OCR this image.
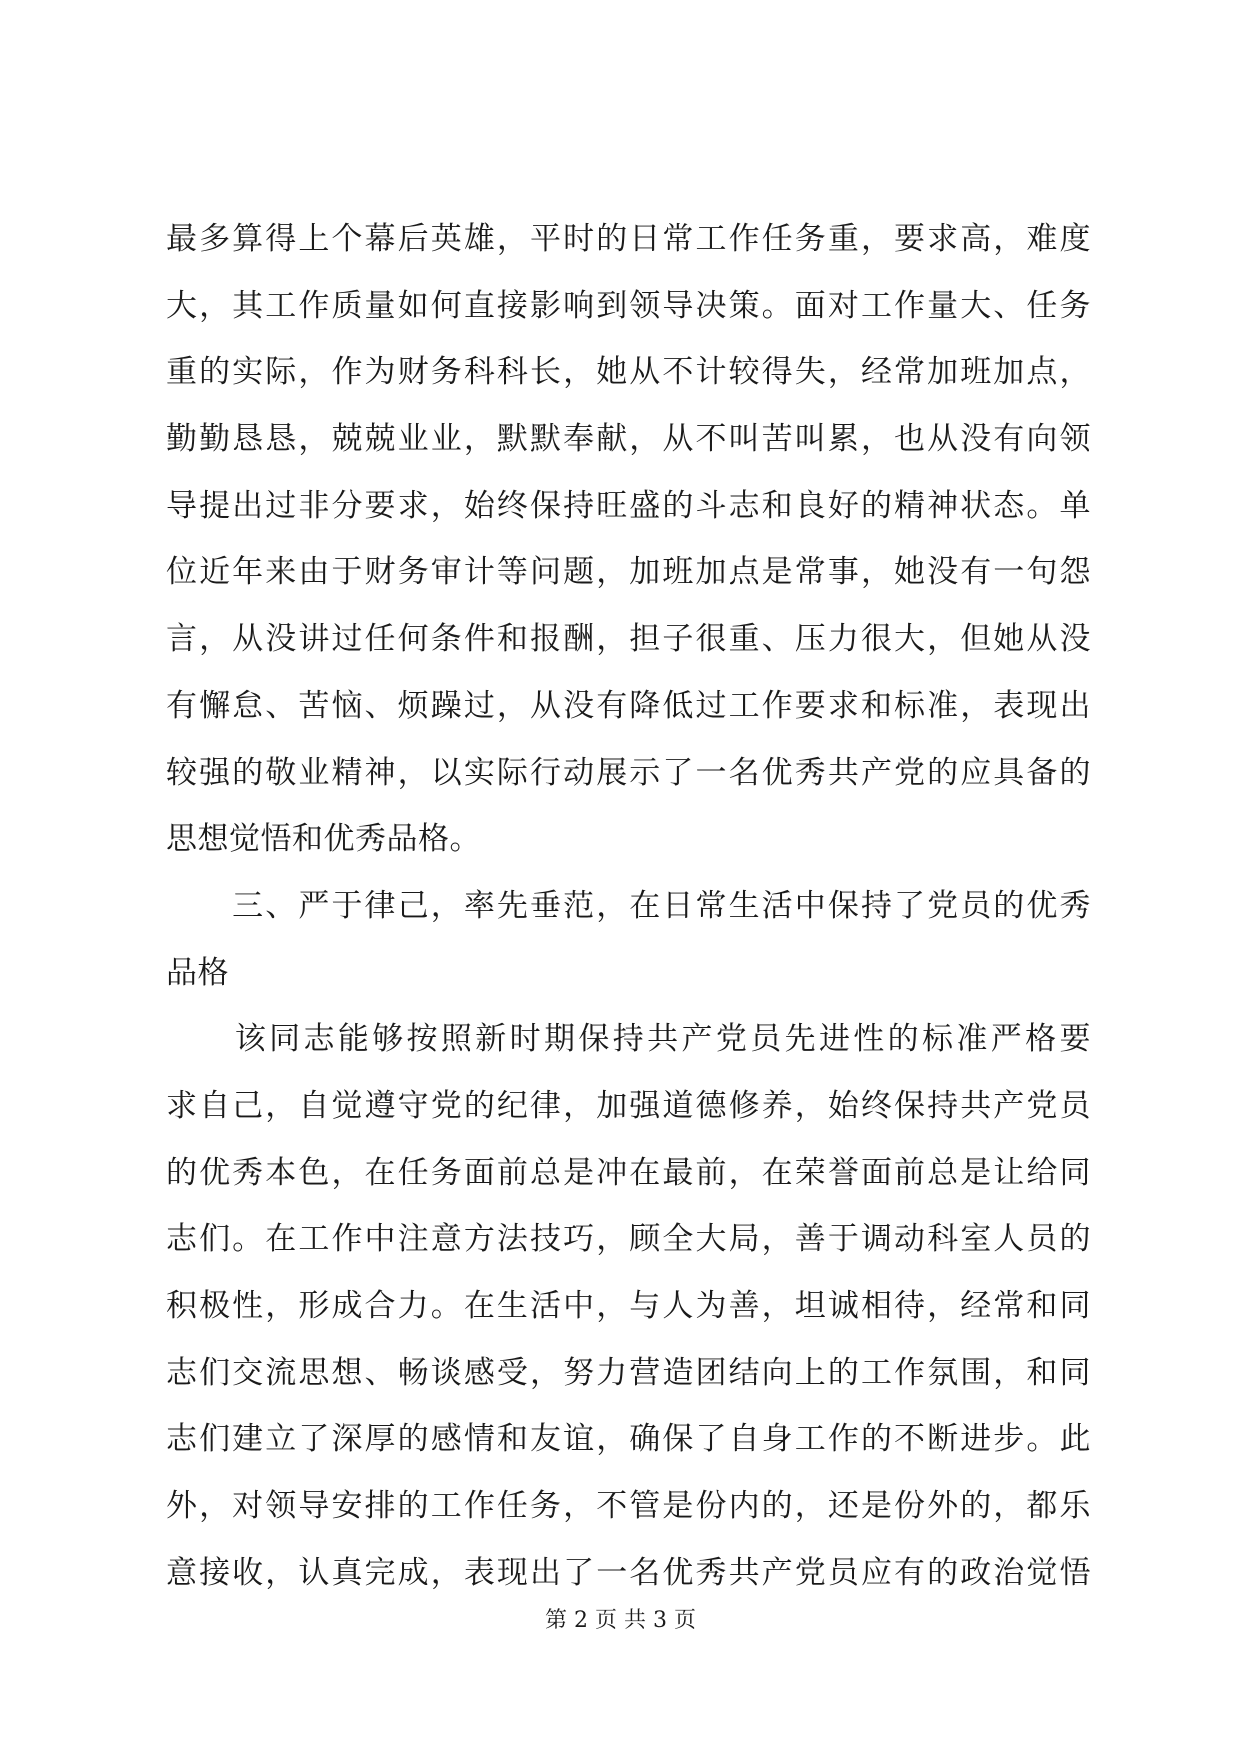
最多算得上个幕后英雄，平时的日常工作任务重，要求高，难度
大，其工作质量如何直接影响到领导决策。面对工作量大、任务
重的实际，作为财务科科长，她从不计较得失，经常加班加点，
勤勤恳恳，兢兢业业，默默奉献，从不叫苦叫累，也从没有向领
导提出过非分要求，始终保持旺盛的斗志和良好的精神状态。单
位近年来由于财务审计等问题，加班加点是常事，她没有一句怨
言，从没讲过任何条件和报酬，担子很重、压力很大，但她从没
有懈怠、苦恼、烦躁过，从没有降低过工作要求和标准，表现出
较强的敬业精神，以实际行动展示了一名优秀共产党的应具备的
思想觉悟和优秀品格。
　　三、严于律己，率先垂范，在日常生活中保持了党员的优秀
品格
　　该同志能够按照新时期保持共产党员先进性的标准严格要
求自己，自觉遵守党的纪律，加强道德修养，始终保持共产党员
的优秀本色，在任务面前总是冲在最前，在荣誉面前总是让给同
志们。在工作中注意方法技巧，顾全大局，善于调动科室人员的
积极性，形成合力。在生活中，与人为善，坦诚相待，经常和同
志们交流思想、畅谈感受，努力营造团结向上的工作氛围，和同
志们建立了深厚的感情和友谊，确保了自身工作的不断进步。此
外，对领导安排的工作任务，不管是份内的，还是份外的，都乐
意接收，认真完成，表现出了一名优秀共产党员应有的政治觉悟
第 2 页 共 3 页
